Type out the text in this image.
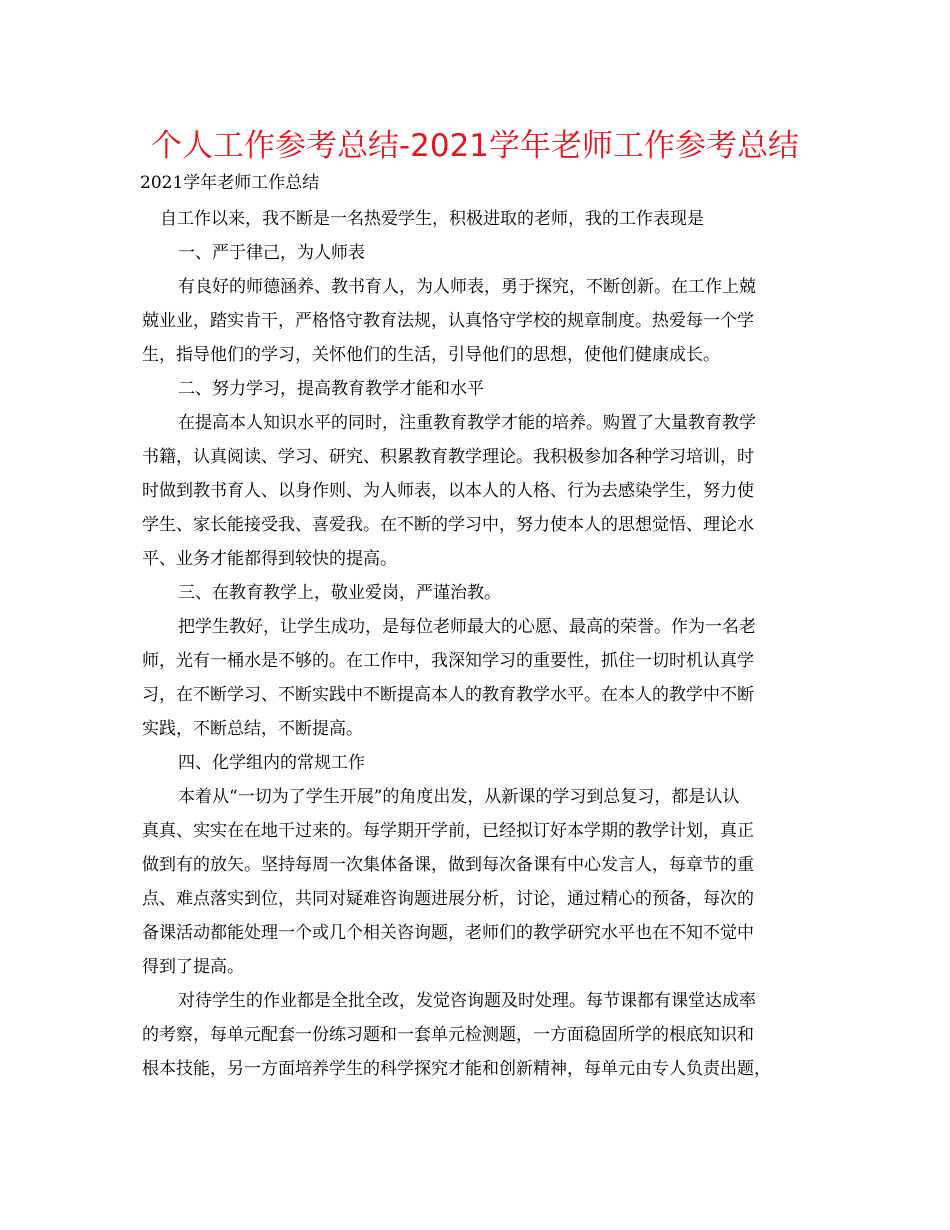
个人工作参考总结-2021学年老师工作参考总结
2021学年老师工作总结
自工作以来，我不断是一名热爱学生，积极进取的老师，我的工作表现是
一、严于律己，为人师表
有良好的师德涵养、教书育人，为人师表，勇于探究，不断创新。在工作上兢
兢业业，踏实肯干，严格恪守教育法规，认真恪守学校的规章制度。热爱每一个学
生，指导他们的学习，关怀他们的生活，引导他们的思想，使他们健康成长。
二、努力学习，提高教育教学才能和水平
在提高本人知识水平的同时，注重教育教学才能的培养。购置了大量教育教学
书籍，认真阅读、学习、研究、积累教育教学理论。我积极参加各种学习培训，时
时做到教书育人、以身作则、为人师表，以本人的人格、行为去感染学生，努力使
学生、家长能接受我、喜爱我。在不断的学习中，努力使本人的思想觉悟、理论水
平、业务才能都得到较快的提高。
三、在教育教学上，敬业爱岗，严谨治教。
把学生教好，让学生成功，是每位老师最大的心愿、最高的荣誉。作为一名老
师，光有一桶水是不够的。在工作中，我深知学习的重要性，抓住一切时机认真学
习，在不断学习、不断实践中不断提高本人的教育教学水平。在本人的教学中不断
实践，不断总结，不断提高。
四、化学组内的常规工作
本着从“一切为了学生开展”的角度出发，从新课的学习到总复习，都是认认
真真、实实在在地干过来的。每学期开学前，已经拟订好本学期的教学计划，真正
做到有的放矢。坚持每周一次集体备课，做到每次备课有中心发言人，每章节的重
点、难点落实到位，共同对疑难咨询题进展分析，讨论，通过精心的预备，每次的
备课活动都能处理一个或几个相关咨询题，老师们的教学研究水平也在不知不觉中
得到了提高。
对待学生的作业都是全批全改，发觉咨询题及时处理。每节课都有课堂达成率
的考察，每单元配套一份练习题和一套单元检测题，一方面稳固所学的根底知识和
根本技能，另一方面培养学生的科学探究才能和创新精神，每单元由专人负责出题，
